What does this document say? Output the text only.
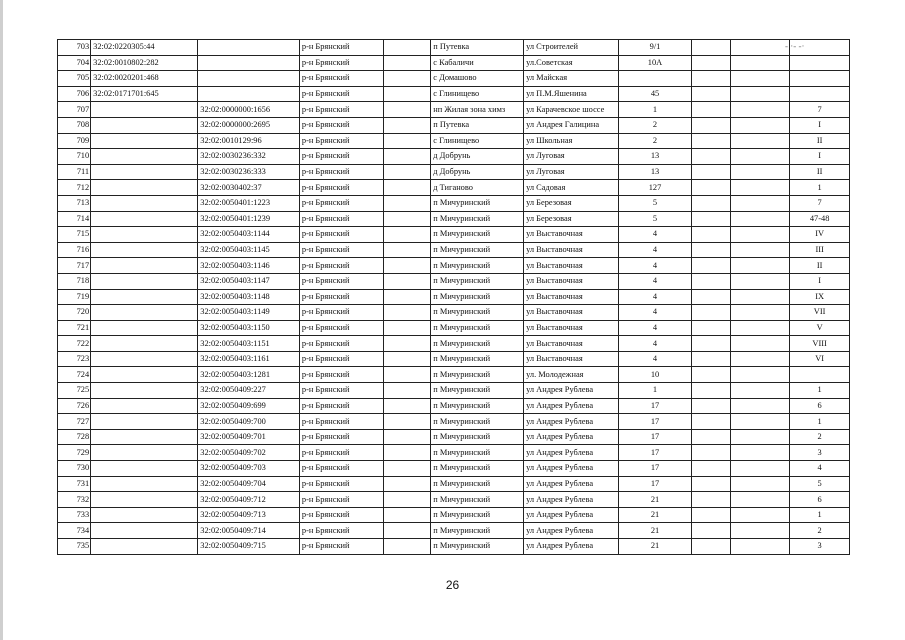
- ·- -·
703	32:02:0220305:44		р-н Брянский		п Путевка	ул Строителей	9/1			
704	32:02:0010802:282		р-н Брянский		с Кабаличи	ул.Советская	10А			
705	32:02:0020201:468		р-н Брянский		с Домашово	ул Майская				
706	32:02:0171701:645		р-н Брянский		с Глинищево	ул П.М.Яшенина	45			
707		32:02:0000000:1656	р-н Брянский		нп Жилая зона химз	ул Карачевское шоссе	1			7
708		32:02:0000000:2695	р-н Брянский		п Путевка	ул Андрея Галицина	2			I
709		32:02:0010129:96	р-н Брянский		с Глинищево	ул Школьная	2			II
710		32:02:0030236:332	р-н Брянский		д Добрунь	ул Луговая	13			I
711		32:02:0030236:333	р-н Брянский		д Добрунь	ул Луговая	13			II
712		32:02:0030402:37	р-н Брянский		д Тиганово	ул Садовая	127			1
713		32:02:0050401:1223	р-н Брянский		п Мичуринский	ул Березовая	5			7
714		32:02:0050401:1239	р-н Брянский		п Мичуринский	ул Березовая	5			47-48
715		32:02:0050403:1144	р-н Брянский		п Мичуринский	ул Выставочная	4			IV
716		32:02:0050403:1145	р-н Брянский		п Мичуринский	ул Выставочная	4			III
717		32:02:0050403:1146	р-н Брянский		п Мичуринский	ул Выставочная	4			II
718		32:02:0050403:1147	р-н Брянский		п Мичуринский	ул Выставочная	4			I
719		32:02:0050403:1148	р-н Брянский		п Мичуринский	ул Выставочная	4			IX
720		32:02:0050403:1149	р-н Брянский		п Мичуринский	ул Выставочная	4			VII
721		32:02:0050403:1150	р-н Брянский		п Мичуринский	ул Выставочная	4			V
722		32:02:0050403:1151	р-н Брянский		п Мичуринский	ул Выставочная	4			VIII
723		32:02:0050403:1161	р-н Брянский		п Мичуринский	ул Выставочная	4			VI
724		32:02:0050403:1281	р-н Брянский		п Мичуринский	ул. Молодежная	10			
725		32:02:0050409:227	р-н Брянский		п Мичуринский	ул Андрея Рублева	1			1
726		32:02:0050409:699	р-н Брянский		п Мичуринский	ул Андрея Рублева	17			6
727		32:02:0050409:700	р-н Брянский		п Мичуринский	ул Андрея Рублева	17			1
728		32:02:0050409:701	р-н Брянский		п Мичуринский	ул Андрея Рублева	17			2
729		32:02:0050409:702	р-н Брянский		п Мичуринский	ул Андрея Рублева	17			3
730		32:02:0050409:703	р-н Брянский		п Мичуринский	ул Андрея Рублева	17			4
731		32:02:0050409:704	р-н Брянский		п Мичуринский	ул Андрея Рублева	17			5
732		32:02:0050409:712	р-н Брянский		п Мичуринский	ул Андрея Рублева	21			6
733		32:02:0050409:713	р-н Брянский		п Мичуринский	ул Андрея Рублева	21			1
734		32:02:0050409:714	р-н Брянский		п Мичуринский	ул Андрея Рублева	21			2
735		32:02:0050409:715	р-н Брянский		п Мичуринский	ул Андрея Рублева	21			3
26
